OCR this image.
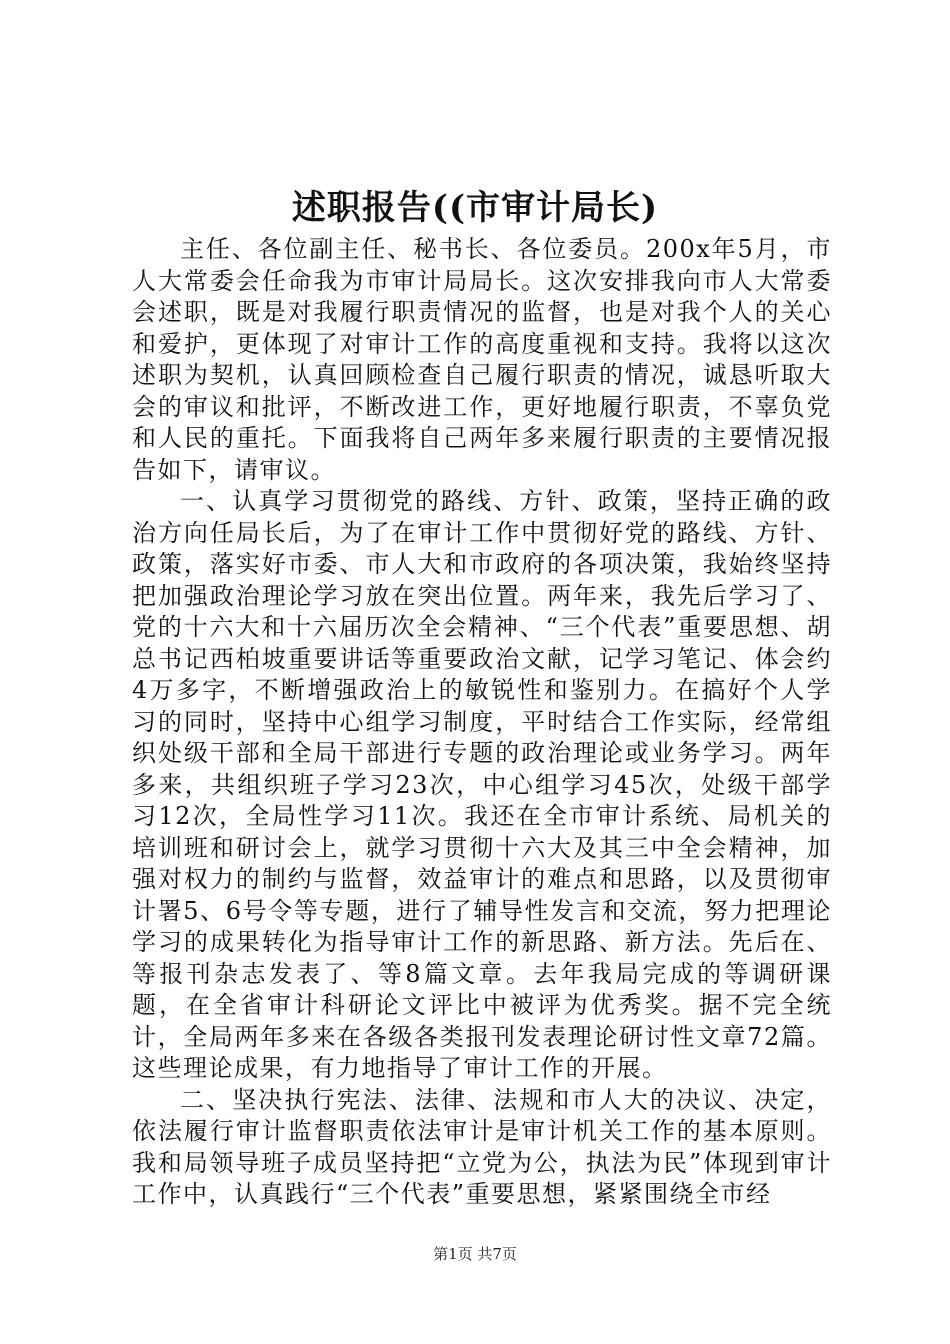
述职报告((市审计局长)

主任、各位副主任、秘书长、各位委员。200x年5月，市人大常委会任命我为市审计局局长。这次安排我向市人大常委会述职，既是对我履行职责情况的监督，也是对我个人的关心和爱护，更体现了对审计工作的高度重视和支持。我将以这次述职为契机，认真回顾检查自己履行职责的情况，诚恳听取大会的审议和批评，不断改进工作，更好地履行职责，不辜负党和人民的重托。下面我将自己两年多来履行职责的主要情况报告如下，请审议。

一、认真学习贯彻党的路线、方针、政策，坚持正确的政治方向任局长后，为了在审计工作中贯彻好党的路线、方针、政策，落实好市委、市人大和市政府的各项决策，我始终坚持把加强政治理论学习放在突出位置。两年来，我先后学习了、党的十六大和十六届历次全会精神、“三个代表”重要思想、胡总书记西柏坡重要讲话等重要政治文献，记学习笔记、体会约4万多字，不断增强政治上的敏锐性和鉴别力。在搞好个人学习的同时，坚持中心组学习制度，平时结合工作实际，经常组织处级干部和全局干部进行专题的政治理论或业务学习。两年多来，共组织班子学习23次，中心组学习45次，处级干部学习12次，全局性学习11次。我还在全市审计系统、局机关的培训班和研讨会上，就学习贯彻十六大及其三中全会精神，加强对权力的制约与监督，效益审计的难点和思路，以及贯彻审计署5、6号令等专题，进行了辅导性发言和交流，努力把理论学习的成果转化为指导审计工作的新思路、新方法。先后在、等报刊杂志发表了、等8篇文章。去年我局完成的等调研课题，在全省审计科研论文评比中被评为优秀奖。据不完全统计，全局两年多来在各级各类报刊发表理论研讨性文章72篇。这些理论成果，有力地指导了审计工作的开展。

二、坚决执行宪法、法律、法规和市人大的决议、决定，依法履行审计监督职责依法审计是审计机关工作的基本原则。我和局领导班子成员坚持把“立党为公，执法为民”体现到审计工作中，认真践行“三个代表”重要思想，紧紧围绕全市经

第1页 共7页
